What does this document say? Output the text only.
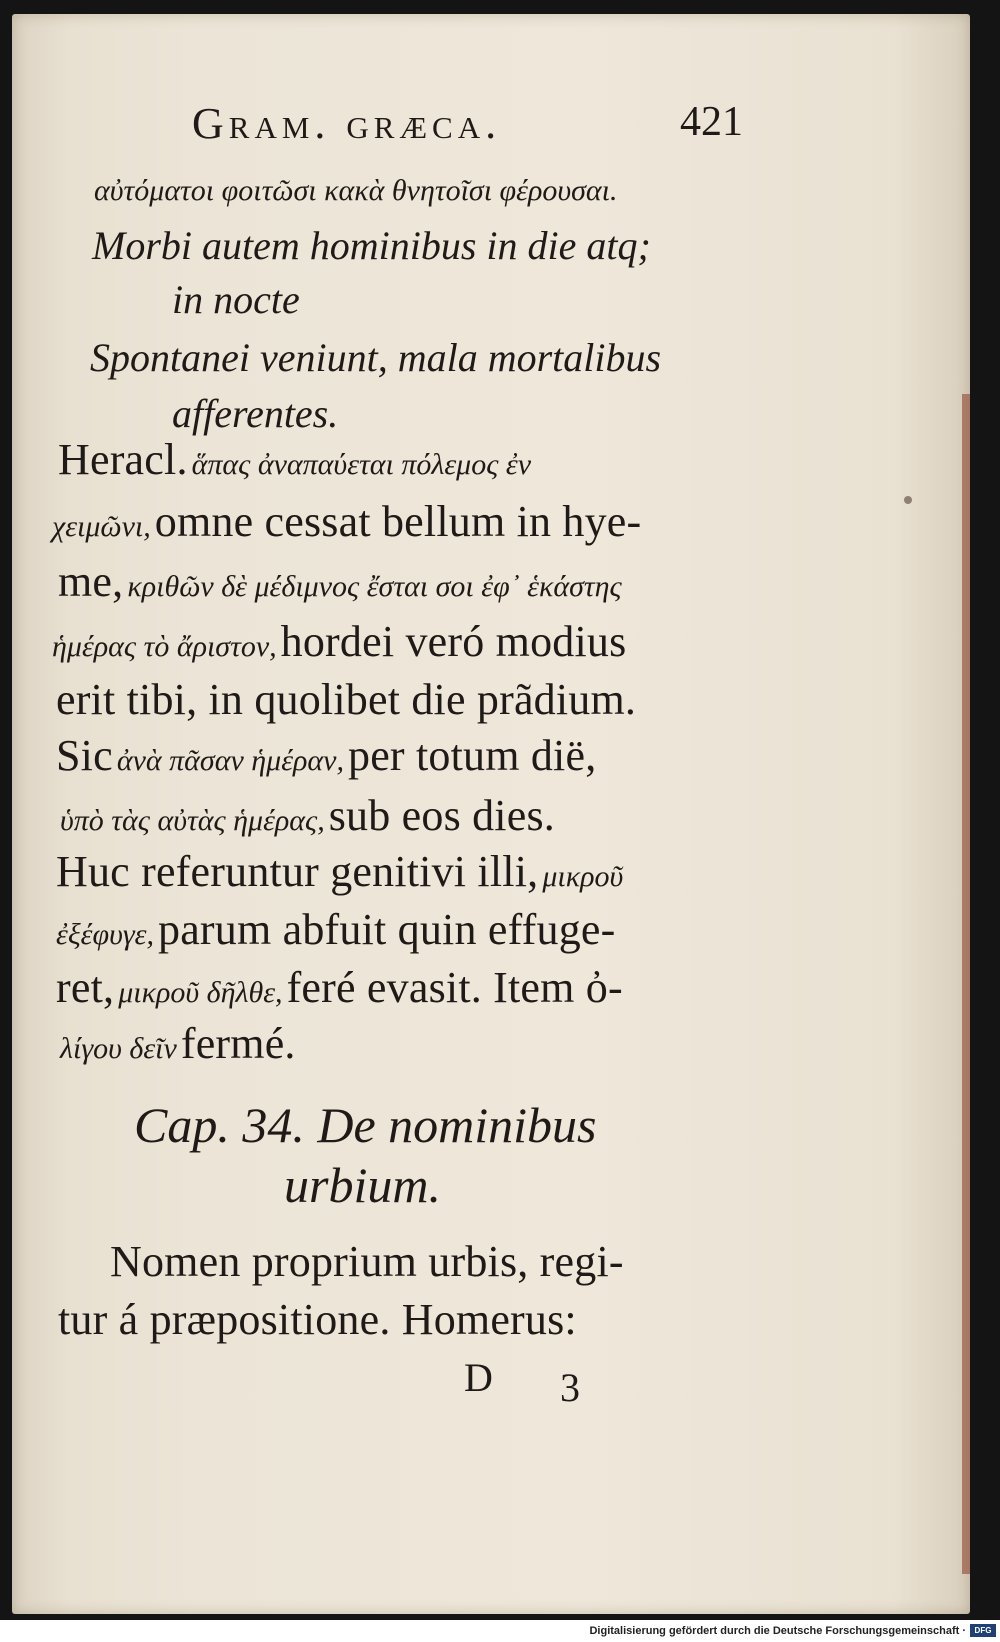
Gram. græca.	421

αὐτόματοι φοιτῶσι κακὰ θνητοῖσι φέρουσαι.

Morbi autem hominibus in die atq;

in nocte

Spontanei veniunt, mala mortalibus

afferentes.

Heracl. ἅπας ἀναπαύεται πόλεμος ἐν

χειμῶνι, omne cessat bellum in hye-

me, κριθῶν δὲ μέδιμνος ἔσται σοι ἐφ᾽ ἑκάστης

ἡμέρας τὸ ἄριστον, hordei veró modius

erit tibi, in quolibet die prãdium.

Sic ἀνὰ πᾶσαν ἡμέραν, per totum dië,

ὑπὸ τὰς αὐτὰς ἡμέρας, sub eos dies.

Huc referuntur genitivi illi, μικροῦ

ἐξέφυγε, parum abfuit quin effuge-

ret, μικροῦ δῆλθε, feré evasit. Item ὀ-

λίγου δεῖν fermé.

Cap. 34. De nominibus

urbium.

Nomen proprium urbis, regi-

tur á præpositione. Homerus:

D 3

Digitalisierung gefördert durch die Deutsche Forschungsgemeinschaft ·	DFG
